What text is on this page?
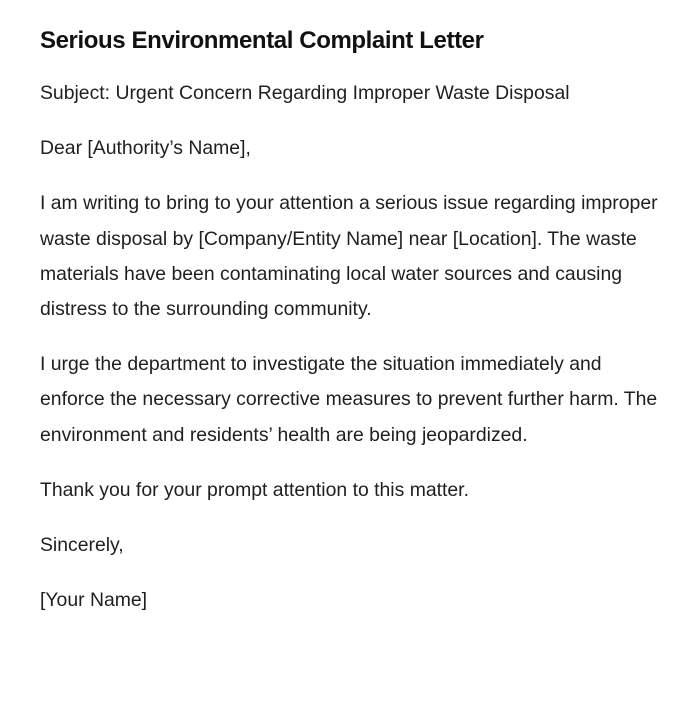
Serious Environmental Complaint Letter

Subject: Urgent Concern Regarding Improper Waste Disposal

Dear [Authority’s Name],

I am writing to bring to your attention a serious issue regarding improper waste disposal by [Company/Entity Name] near [Location]. The waste materials have been contaminating local water sources and causing distress to the surrounding community.

I urge the department to investigate the situation immediately and enforce the necessary corrective measures to prevent further harm. The environment and residents’ health are being jeopardized.

Thank you for your prompt attention to this matter.

Sincerely,

[Your Name]
